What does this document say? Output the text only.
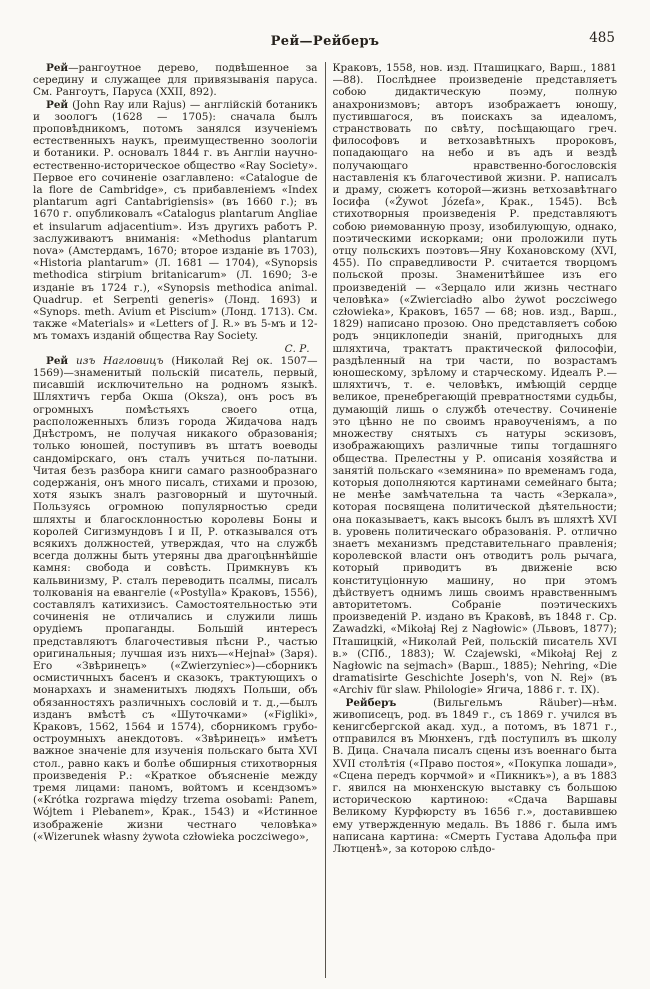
Рей—Рейберъ	485

Рей—рангоутное дерево, подвѣшенное за середину и служащее для привязыванія паруса. См. Рангоутъ, Паруса (XXII, 892).

Рей (John Ray или Rajus) — англійскій ботаникъ и зоологъ (1628 — 1705): сначала былъ проповѣдникомъ, потомъ занялся изученіемъ естественныхъ наукъ, преимущественно зоологіи и ботаники. Р. основалъ 1844 г. въ Англіи научно-естественно-историческое общество «Ray Society». Первое его сочиненіе озаглавлено: «Catalogue de la flore de Cambridge», съ прибавленіемъ «Index plantarum agri Cantabrigiensis» (въ 1660 г.); въ 1670 г. опубликовалъ «Catalogus plantarum Angliae et insularum adjacentium». Изъ другихъ работъ Р. заслуживаютъ вниманія: «Methodus plantarum nova» (Амстердамъ, 1670; второе изданіе въ 1703), «Historia plantarum» (Л. 1681 — 1704), «Synopsis methodica stirpium britanicarum» (Л. 1690; 3-е изданіе въ 1724 г.), «Synopsis methodica animal. Quadrup. et Serpenti generis» (Лонд. 1693) и «Synops. meth. Avium et Piscium» (Лонд. 1713). См. также «Materials» и «Letters of J. R.» въ 5-мъ и 12-мъ томахъ изданій общества Ray Society.

С. Р.

Рей изъ Нагловицъ (Николай Rej ок. 1507—1569)—знаменитый польскій писатель, первый, писавшій исключительно на родномъ языкѣ. Шляхтичъ герба Окша (Oksza), онъ росъ въ огромныхъ помѣстьяхъ своего отца, расположенныхъ близъ города Жидачова надъ Днѣстромъ, не получая никакого образованія; только юношей, поступивъ въ штатъ воеводы сандомірскаго, онъ сталъ учиться по-латыни. Читая безъ разбора книги самаго разнообразнаго содержанія, онъ много писалъ, стихами и прозою, хотя языкъ зналъ разговорный и шуточный. Пользуясь огромною популярностью среди шляхты и благосклонностью королевы Боны и королей Сигизмундовъ I и II, Р. отказывался отъ всякихъ должностей, утверждая, что на службѣ всегда должны быть утеряны два драгоцѣннѣйшіе камня: свобода и совѣсть. Примкнувъ къ кальвинизму, Р. сталъ переводить псалмы, писалъ толкованія на евангеліе («Postylla» Краковъ, 1556), составлялъ катихизисъ. Самостоятельностью эти сочиненія не отличались и служили лишь орудіемъ пропаганды. Большій интересъ представляютъ благочестивыя пѣсни Р., частью оригинальныя; лучшая изъ нихъ—«Hejnał» (Заря). Его «Звѣринецъ» («Zwierzyniec»)—сборникъ осмистичныхъ басенъ и сказокъ, трактующихъ о монархахъ и знаменитыхъ людяхъ Польши, объ обязанностяхъ различныхъ сословій и т. д.,—былъ изданъ вмѣстѣ съ «Шуточками» («Figliki», Краковъ, 1562, 1564 и 1574), сборникомъ грубо-остроумныхъ анекдотовъ. «Звѣринецъ» имѣетъ важное значеніе для изученія польскаго быта XVI стол., равно какъ и болѣе обширныя стихотворныя произведенія Р.: «Краткое объясненіе между тремя лицами: паномъ, войтомъ и ксендзомъ» («Krótka rozprawa między trzema osobami: Panem, Wójtem i Plebanem», Крак., 1543) и «Истинное изображеніе жизни честнаго человѣка» («Wizerunek własny żywota człowieka poczciwego»,

Краковъ, 1558, нов. изд. Пташицкаго, Варш., 1881—88). Послѣднее произведеніе представляетъ собою дидактическую поэму, полную анахронизмовъ; авторъ изображаетъ юношу, пустившагося, въ поискахъ за идеаломъ, странствовать по свѣту, посѣщающаго греч. философовъ и ветхозавѣтныхъ пророковъ, попадающаго на небо и въ адъ и вездѣ получающаго нравственно-богословскія наставленія къ благочестивой жизни. Р. написалъ и драму, сюжетъ которой—жизнь ветхозавѣтнаго Іосифа («Żywot Józefa», Крак., 1545). Всѣ стихотворныя произведенія Р. представляютъ собою риѳмованную прозу, изобилующую, однако, поэтическими искорками; они проложили путь отцу польскихъ поэтовъ—Яну Кохановскому (XVI, 455). По справедливости Р. считается творцомъ польской прозы. Знаменитѣйшее изъ его произведеній — «Зерцало или жизнь честнаго человѣка» («Zwierciadło albo żywot poczciwego człowieka», Краковъ, 1657 — 68; нов. изд., Варш., 1829) написано прозою. Оно представляетъ собою родъ энциклопедіи знаній, пригодныхъ для шляхтича, трактатъ практической философіи, раздѣленный на три части, по возрастамъ юношескому, зрѣлому и старческому. Идеалъ Р.—шляхтичъ, т. е. человѣкъ, имѣющій сердце великое, пренебрегающій превратностями судьбы, думающій лишь о службѣ отечеству. Сочиненіе это цѣнно не по своимъ нравоученіямъ, а по множеству снятыхъ съ натуры эскизовъ, изображающихъ различные типы тогдашняго общества. Прелестны у Р. описанія хозяйства и занятій польскаго «земянина» по временамъ года, которыя дополняются картинами семейнаго быта; не менѣе замѣчательна та часть «Зеркала», которая посвящена политической дѣятельности; она показываетъ, какъ высокъ былъ въ шляхтѣ XVI в. уровень политическаго образованія. Р. отлично знаетъ механизмъ представительнаго правленія; королевской власти онъ отводитъ роль рычага, который приводитъ въ движеніе всю конституціонную машину, но при этомъ дѣйствуетъ однимъ лишь своимъ нравственнымъ авторитетомъ. Собраніе поэтическихъ произведеній Р. издано въ Краковѣ, въ 1848 г. Ср. Zawadzki, «Mikołaj Rej z Nagłowic» (Львовъ, 1877); Пташицкій, «Николай Рей, польскій писатель XVI в.» (СПб., 1883); W. Czajewski, «Mikołaj Rej z Nagłowic na sejmach» (Варш., 1885); Nehring, «Die dramatisirte Geschichte Joseph's, von N. Rej» (въ «Archiv für slaw. Philologie» Ягича, 1886 г. т. IX).

Рейберъ (Вильгельмъ Räuber)—нѣм. живописецъ, род. въ 1849 г., съ 1869 г. учился въ кенигсбергской акад. худ., а потомъ, въ 1871 г., отправился въ Мюнхенъ, гдѣ поступилъ въ школу В. Дица. Сначала писалъ сцены изъ военнаго быта XVII столѣтія («Право постоя», «Покупка лошади», «Сцена передъ корчмой» и «Пикникъ»), а въ 1883 г. явился на мюнхенскую выставку съ большою историческою картиною: «Сдача Варшавы Великому Курфюрсту въ 1656 г.», доставившею ему утвержденную медаль. Въ 1886 г. была имъ написана картина: «Смерть Густава Адольфа при Лютценѣ», за которою слѣдо-
